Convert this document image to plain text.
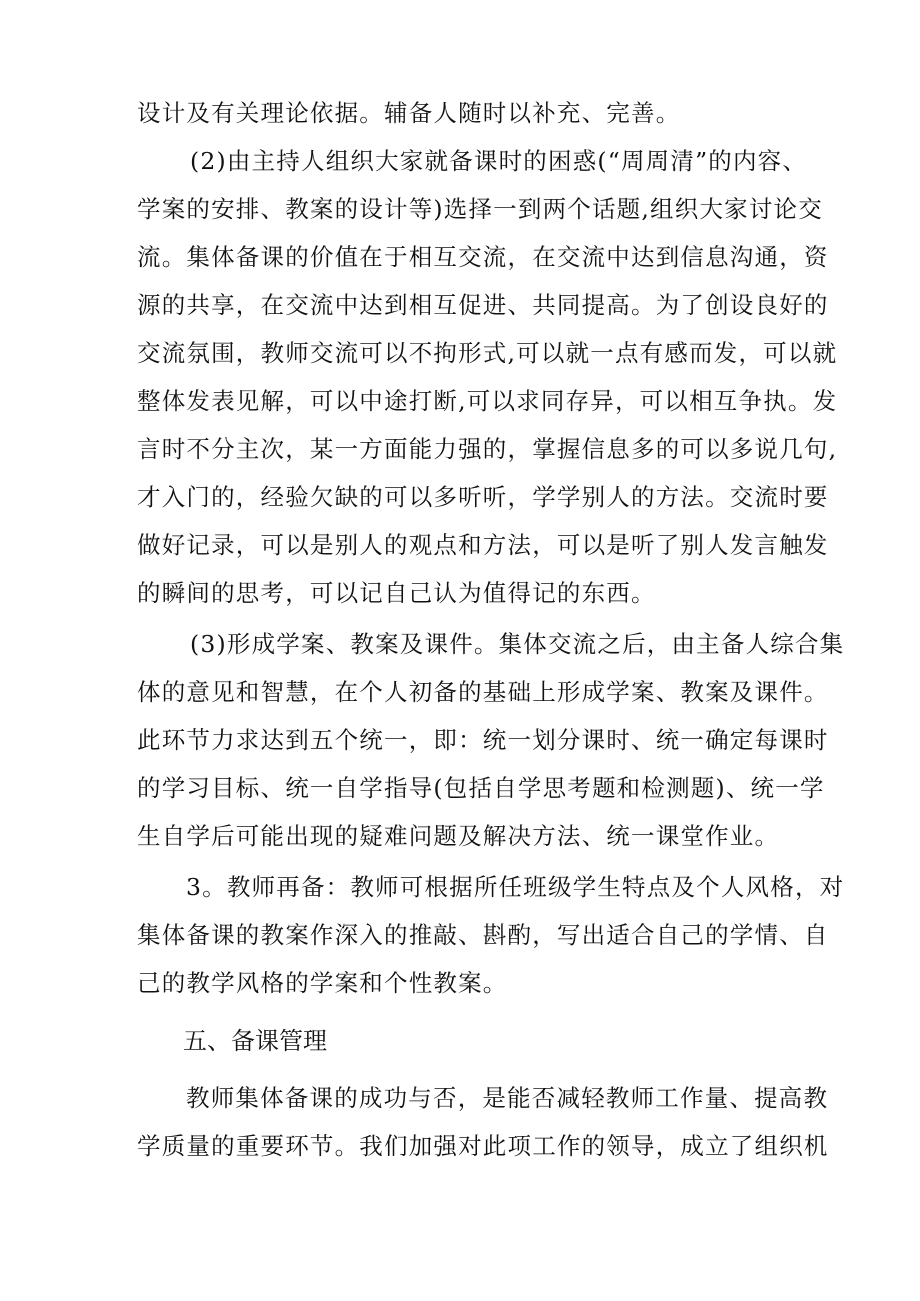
设计及有关理论依据。辅备人随时以补充、完善。
(2)由主持人组织大家就备课时的困惑(“周周清”的内容、
学案的安排、教案的设计等)选择一到两个话题,组织大家讨论交
流。集体备课的价值在于相互交流，在交流中达到信息沟通，资
源的共享，在交流中达到相互促进、共同提高。为了创设良好的
交流氛围，教师交流可以不拘形式,可以就一点有感而发，可以就
整体发表见解，可以中途打断,可以求同存异，可以相互争执。发
言时不分主次，某一方面能力强的，掌握信息多的可以多说几句,
才入门的，经验欠缺的可以多听听，学学别人的方法。交流时要
做好记录，可以是别人的观点和方法，可以是听了别人发言触发
的瞬间的思考，可以记自己认为值得记的东西。
(3)形成学案、教案及课件。集体交流之后，由主备人综合集
体的意见和智慧，在个人初备的基础上形成学案、教案及课件。
此环节力求达到五个统一，即：统一划分课时、统一确定每课时
的学习目标、统一自学指导(包括自学思考题和检测题)、统一学
生自学后可能出现的疑难问题及解决方法、统一课堂作业。
3。教师再备：教师可根据所任班级学生特点及个人风格，对
集体备课的教案作深入的推敲、斟酌，写出适合自己的学情、自
己的教学风格的学案和个性教案。
五、备课管理
教师集体备课的成功与否，是能否减轻教师工作量、提高教
学质量的重要环节。我们加强对此项工作的领导，成立了组织机
